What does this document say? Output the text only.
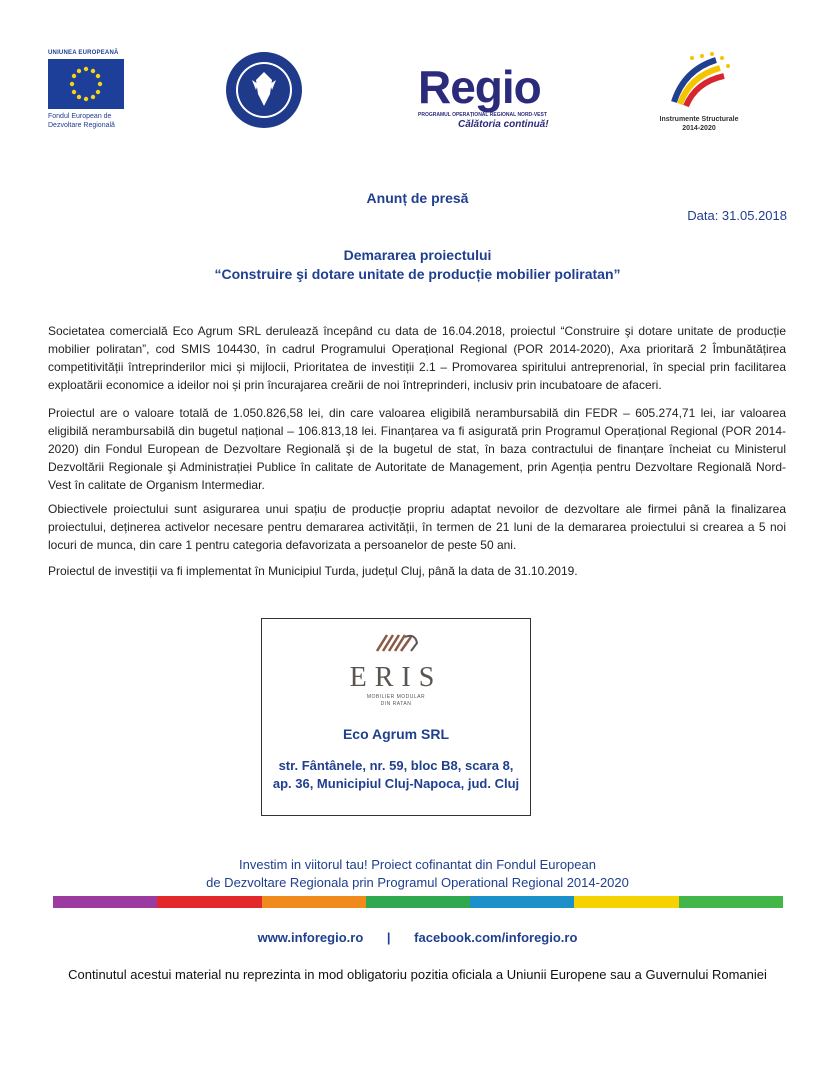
UNIUNEA EUROPEANĂ
Fondul European de Dezvoltare Regională
Regio
PROGRAMUL OPERAȚIONAL REGIONAL NORD-VEST
Călătoria continuă!	Instrumente Structurale 2014-2020
Anunț de presă
Data: 31.05.2018
Demararea proiectului
“Construire şi dotare unitate de producție mobilier poliratan”
Societatea comercială Eco Agrum SRL derulează începând cu data de 16.04.2018, proiectul “Construire şi dotare unitate de producție mobilier poliratan”, cod SMIS 104430, în cadrul Programului Operațional Regional (POR 2014-2020), Axa prioritară 2 Îmbunătățirea competitivității întreprinderilor mici și mijlocii, Prioritatea de investiții 2.1 – Promovarea spiritului antreprenorial, în special prin facilitarea exploatării economice a ideilor noi și prin încurajarea creării de noi întreprinderi, inclusiv prin incubatoare de afaceri.
Proiectul are o valoare totală de 1.050.826,58 lei, din care valoarea eligibilă nerambursabilă din FEDR – 605.274,71 lei, iar valoarea eligibilă nerambursabilă din bugetul național – 106.813,18 lei. Finanțarea va fi asigurată prin Programul Operațional Regional (POR 2014-2020) din Fondul European de Dezvoltare Regională şi de la bugetul de stat, în baza contractului de finanțare încheiat cu Ministerul Dezvoltării Regionale şi Administrației Publice în calitate de Autoritate de Management, prin Agenția pentru Dezvoltare Regională Nord-Vest în calitate de Organism Intermediar.
Obiectivele proiectului sunt asigurarea unui spațiu de producție propriu adaptat nevoilor de dezvoltare ale firmei până la finalizarea proiectului, deținerea activelor necesare pentru demararea activității, în termen de 21 luni de la demararea proiectului si crearea a 5 noi locuri de munca, din care 1 pentru categoria defavorizata a persoanelor de peste 50 ani.
Proiectul de investiții va fi implementat în Municipiul Turda, județul Cluj, până la data de 31.10.2019.
ERIS
MOBILIER MODULAR
DIN RATAN
Eco Agrum SRL
str. Fântânele, nr. 59, bloc B8, scara 8, ap. 36, Municipiul Cluj-Napoca, jud. Cluj
Investim in viitorul tau! Proiect cofinantat din Fondul European
de Dezvoltare Regionala prin Programul Operational Regional 2014-2020
www.inforegio.ro | facebook.com/inforegio.ro
Continutul acestui material nu reprezinta in mod obligatoriu pozitia oficiala a Uniunii Europene sau a Guvernului Romaniei
